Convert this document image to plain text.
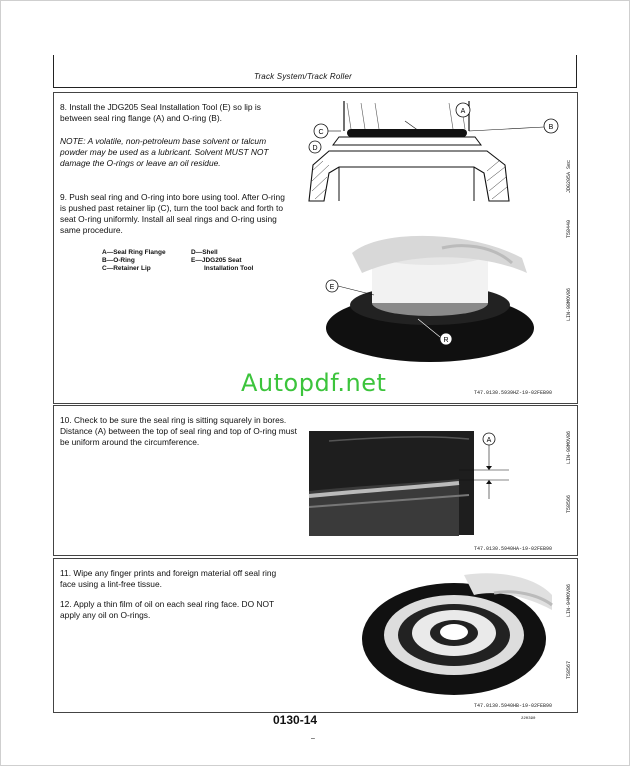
Track System/Track Roller
8. Install the JDG205 Seal Installation Tool (E) so lip is between seal ring flange (A) and O-ring (B).
NOTE: A volatile, non-petroleum base solvent or talcum powder may be used as a lubricant. Solvent MUST NOT damage the O-rings or leave an oil residue.
9. Push seal ring and O-ring into bore using tool. After O-ring is pushed past retainer lip (C), turn the tool back and forth to seat O-ring uniformly. Install all seal rings and O-ring using same procedure.
A—Seal Ring Flange
B—O-Ring
C—Retainer Lip
D—Shell
E—JDG205 Seat
Installation Tool
A
C
B
D
E
R
JDG205A Sec
T58440
LIN-98MOV86
T47.0130.5939HZ-19-02FEB90
Autopdf.net
10. Check to be sure the seal ring is sitting squarely in bores. Distance (A) between the top of seal ring and top of O-ring must be uniform around the circumference.	A	LIN-98MOV86
T58566
T47.0130.5940HA-19-02FEB90
11. Wipe any finger prints and foreign material off seal ring face using a lint-free tissue.
12. Apply a thin film of oil on each seal ring face. DO NOT apply any oil on O-rings.	LIN-94MOV86
T58567
T47.0130.5940HB-19-02FEB90
0130-14	220390
–
